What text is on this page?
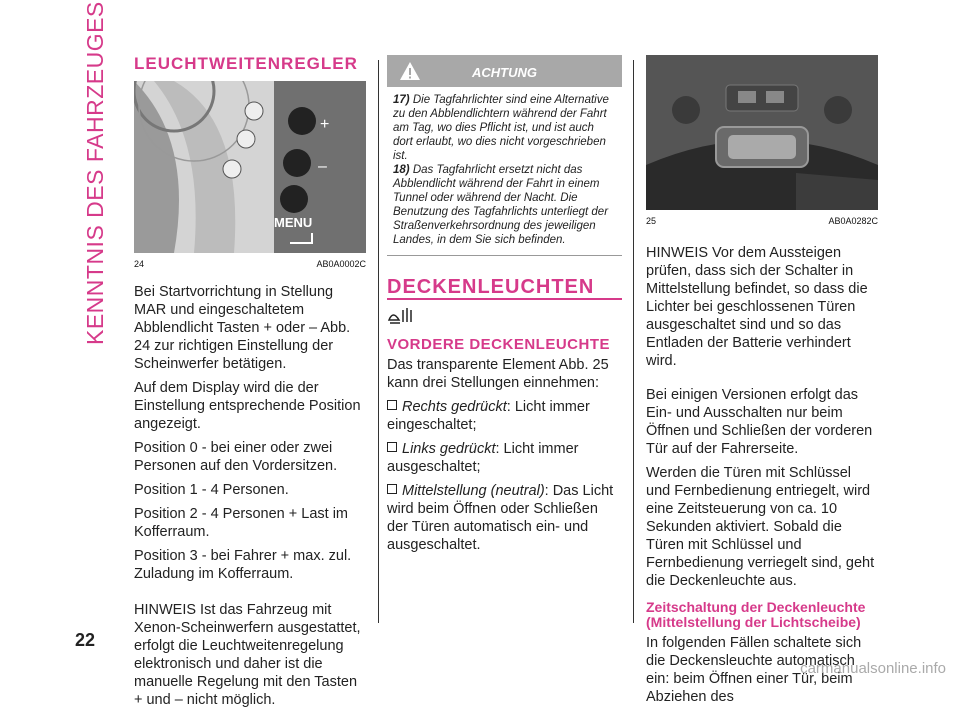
KENNTNIS DES FAHRZEUGES
22
LEUCHTWEITENREGLER
+
–
MENU
24	AB0A0002C

Bei Startvorrichtung in Stellung MAR und eingeschaltetem Abblendlicht Tasten + oder – Abb. 24 zur richtigen Einstellung der Scheinwerfer betätigen.

Auf dem Display wird die der Einstellung entsprechende Position angezeigt.

Position 0 - bei einer oder zwei Personen auf den Vordersitzen.

Position 1 - 4 Personen.

Position 2 - 4 Personen + Last im Kofferraum.

Position 3 - bei Fahrer + max. zul. Zuladung im Kofferraum.

HINWEIS Ist das Fahrzeug mit Xenon-Scheinwerfern ausgestattet, erfolgt die Leuchtweitenregelung elektronisch und daher ist die manuelle Regelung mit den Tasten + und – nicht möglich.

ACHTUNG
17) Die Tagfahrlichter sind eine Alternative zu den Abblendlichtern während der Fahrt am Tag, wo dies Pflicht ist, und ist auch dort erlaubt, wo dies nicht vorgeschrieben ist.
18) Das Tagfahrlicht ersetzt nicht das Abblendlicht während der Fahrt in einem Tunnel oder während der Nacht. Die Benutzung des Tagfahrlichts unterliegt der Straßenverkehrsordnung des jeweiligen Landes, in dem Sie sich befinden.
DECKENLEUCHTEN
VORDERE DECKENLEUCHTE

Das transparente Element Abb. 25 kann drei Stellungen einnehmen:

Rechts gedrückt: Licht immer eingeschaltet;

Links gedrückt: Licht immer ausgeschaltet;

Mittelstellung (neutral): Das Licht wird beim Öffnen oder Schließen der Türen automatisch ein- und ausgeschaltet.

25	AB0A0282C

HINWEIS Vor dem Aussteigen prüfen, dass sich der Schalter in Mittelstellung befindet, so dass die Lichter bei geschlossenen Türen ausgeschaltet sind und so das Entladen der Batterie verhindert wird.

Bei einigen Versionen erfolgt das Ein- und Ausschalten nur beim Öffnen und Schließen der vorderen Tür auf der Fahrerseite.

Werden die Türen mit Schlüssel und Fernbedienung entriegelt, wird eine Zeitsteuerung von ca. 10 Sekunden aktiviert. Sobald die Türen mit Schlüssel und Fernbedienung verriegelt sind, geht die Deckenleuchte aus.

Zeitschaltung der Deckenleuchte (Mittelstellung der Lichtscheibe)

In folgenden Fällen schaltete sich die Deckensleuchte automatisch ein: beim Öffnen einer Tür, beim Abziehen des

carmanualsonline.info
